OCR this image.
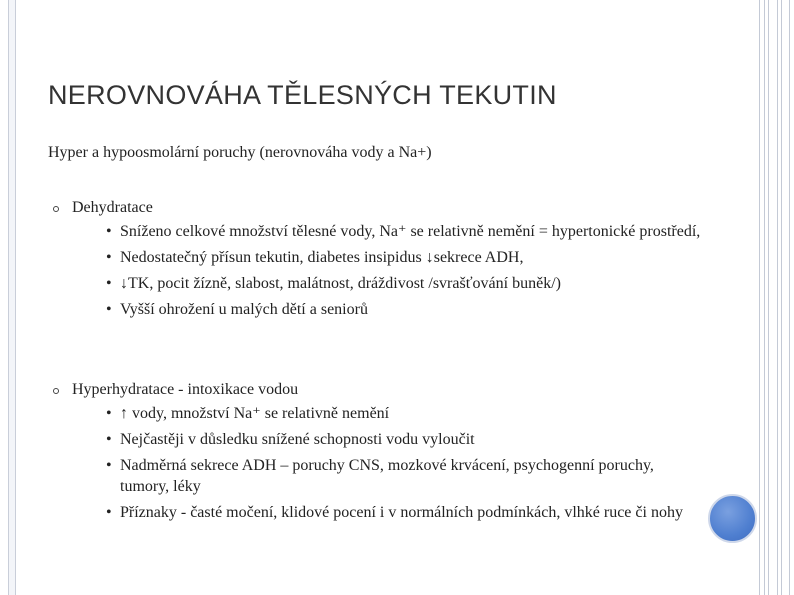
NEROVNOVÁHA TĚLESNÝCH TEKUTIN
Hyper a hypoosmolární poruchy (nerovnováha vody a Na+)
Dehydratace
• Sníženo celkové množství tělesné vody, Na⁺ se relativně nemění = hypertonické prostředí,
• Nedostatečný přísun tekutin, diabetes insipidus ↓sekrece ADH,
• ↓TK, pocit žízně, slabost, malátnost, dráždivost /svrašťování buněk/)
• Vyšší ohrožení u malých dětí a seniorů
Hyperhydratace - intoxikace vodou
• ↑ vody, množství Na⁺ se relativně nemění
• Nejčastěji v důsledku snížené schopnosti vodu vyloučit
• Nadměrná sekrece ADH – poruchy CNS, mozkové krvácení, psychogenní poruchy, tumory, léky
• Příznaky - časté močení, klidové pocení i v normálních podmínkách, vlhké ruce či nohy
